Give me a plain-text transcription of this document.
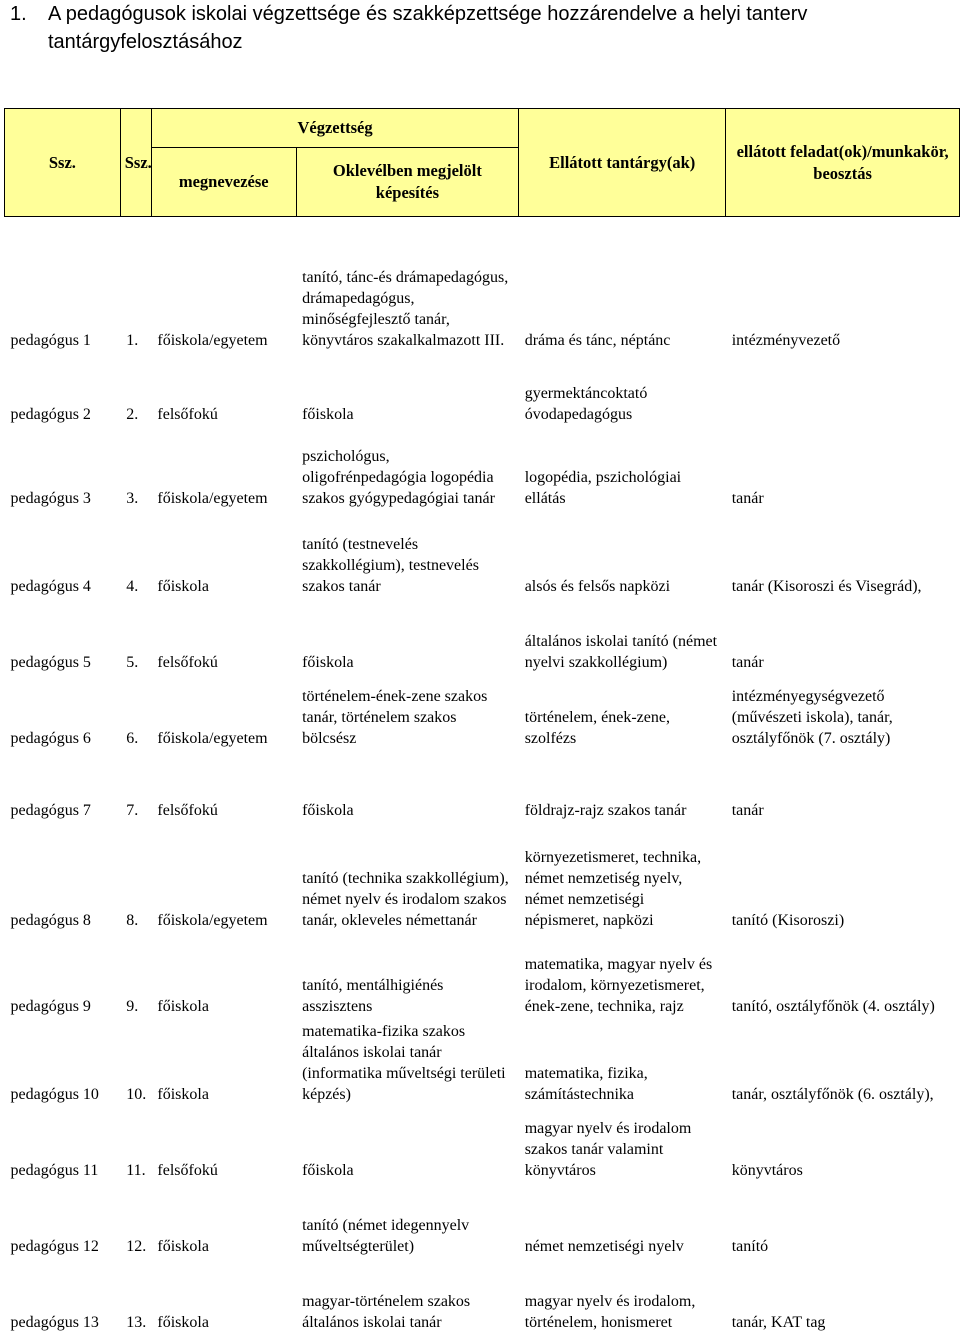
1. A pedagógusok iskolai végzettsége és szakképzettsége hozzárendelve a helyi tanterv
tantárgyfelosztásához
Ssz.	Ssz.	Végzettség		Ellátott tantárgy(ak)	ellátott feladat(ok)/munkakör, beosztás
		megnevezése	Oklevélben megjelölt képesítés		
pedagógus 1	1.	főiskola/egyetem	tanító, tánc-és drámapedagógus, drámapedagógus, minőségfejlesztő tanár, könyvtáros szakalkalmazott III.	dráma és tánc, néptánc	intézményvezető
pedagógus 2	2.	felsőfokú	főiskola	gyermektáncoktató óvodapedagógus	
pedagógus 3	3.	főiskola/egyetem	pszichológus, oligofrénpedagógia logopédia szakos gyógypedagógiai tanár	logopédia, pszichológiai ellátás	tanár
pedagógus 4	4.	főiskola	tanító (testnevelés szakkollégium), testnevelés szakos tanár	alsós és felsős napközi	tanár (Kisoroszi és Visegrád),
pedagógus 5	5.	felsőfokú	főiskola	általános iskolai tanító (német nyelvi szakkollégium)	tanár
pedagógus 6	6.	főiskola/egyetem	történelem-ének-zene szakos tanár, történelem szakos bölcsész	történelem, ének-zene, szolfézs	intézményegységvezető (művészeti iskola), tanár, osztályfőnök (7. osztály)
pedagógus 7	7.	felsőfokú	főiskola	földrajz-rajz szakos tanár	tanár
pedagógus 8	8.	főiskola/egyetem	tanító (technika szakkollégium), német nyelv és irodalom szakos tanár, okleveles némettanár	környezetismeret, technika, német nemzetiség nyelv, német nemzetiségi népismeret, napközi	tanító (Kisoroszi)
pedagógus 9	9.	főiskola	tanító, mentálhigiénés asszisztens	matematika, magyar nyelv és irodalom, környezetismeret, ének-zene, technika, rajz	tanító, osztályfőnök (4. osztály)
pedagógus 10	10.	főiskola	matematika-fizika szakos általános iskolai tanár (informatika műveltségi területi képzés)	matematika, fizika, számítástechnika	tanár, osztályfőnök (6. osztály),
pedagógus 11	11.	felsőfokú	főiskola	magyar nyelv és irodalom szakos tanár valamint könyvtáros	könyvtáros
pedagógus 12	12.	főiskola	tanító (német idegennyelv műveltségterület)	német nemzetiségi nyelv	tanító
pedagógus 13	13.	főiskola	magyar-történelem szakos általános iskolai tanár	magyar nyelv és irodalom, történelem, honismeret	tanár, KAT tag
